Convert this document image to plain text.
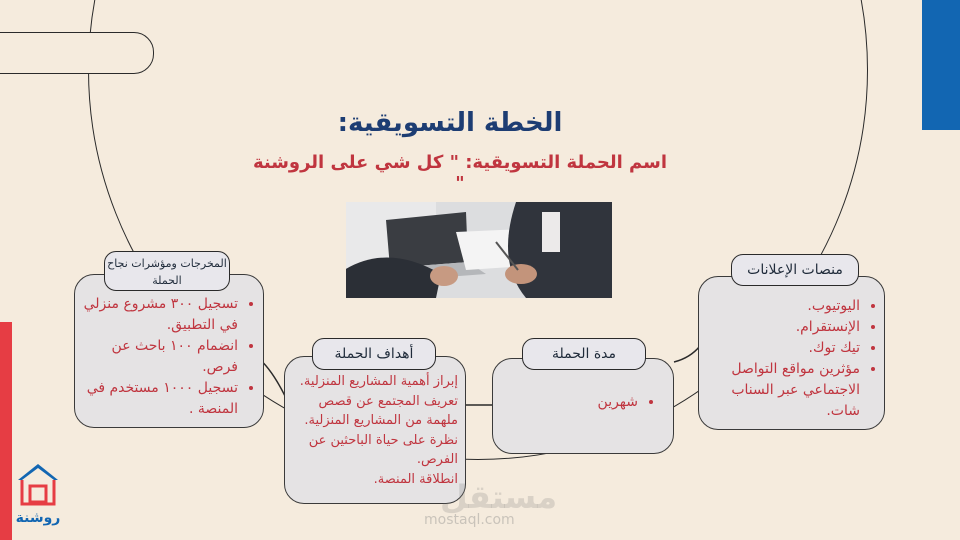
الخطة التسويقية:
اسم الحملة التسويقية: " كل شي على الروشنة "
منصات الإعلانات
• اليوتيوب.
• الإنستقرام.
• تيك توك.
• مؤثرين مواقع التواصل الاجتماعي عبر السناب شات.
مدة الحملة
• شهرين
أهداف الحملة
إبراز أهمية المشاريع المنزلية.
تعريف المجتمع عن قصص ملهمة من المشاريع المنزلية.
نظرة على حياة الباحثين عن الفرص.
انطلاقة المنصة.
المخرجات ومؤشرات نجاح الحملة
• تسجيل ٣٠٠ مشروع منزلي في التطبيق.
• انضمام ١٠٠ باحث عن فرص.
• تسجيل ١٠٠٠ مستخدم في المنصة .
مستقل
mostaql.com
روشنة
